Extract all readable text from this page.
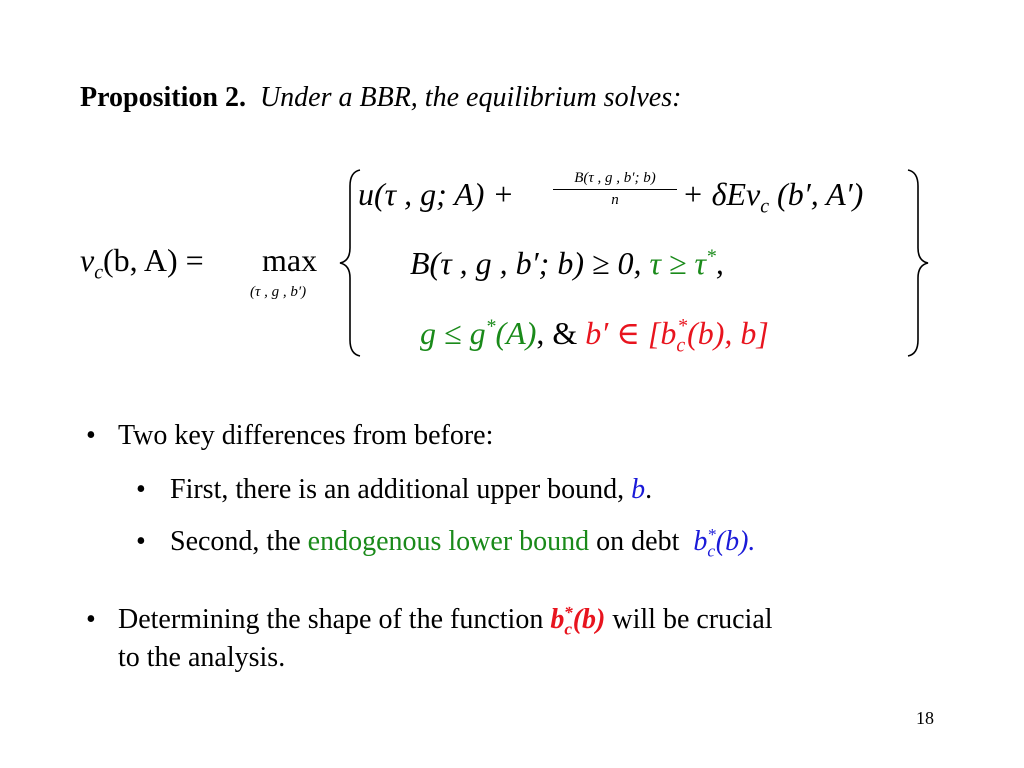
Proposition 2. Under a BBR, the equilibrium solves:
$v_c(b$, A) = max
(τ , g , b′)
u(τ , g; A) +	$\frac{B(\tau , g , b'; b)}{n} + \delta Ev_c$ (b′, A′)
B(τ , g , b′; b) ≥ 0, τ ≥ τ*,
g ≤ g*(A), & b′ ∈ [$b_c^*(b)$, b]
• Two key differences from before:
• First, there is an additional upper bound, b.
• Second, the endogenous lower bound on debt $b_c^*(b)$.
• Determining the shape of the function $b_c^*(b)$ will be crucial
to the analysis.
18
